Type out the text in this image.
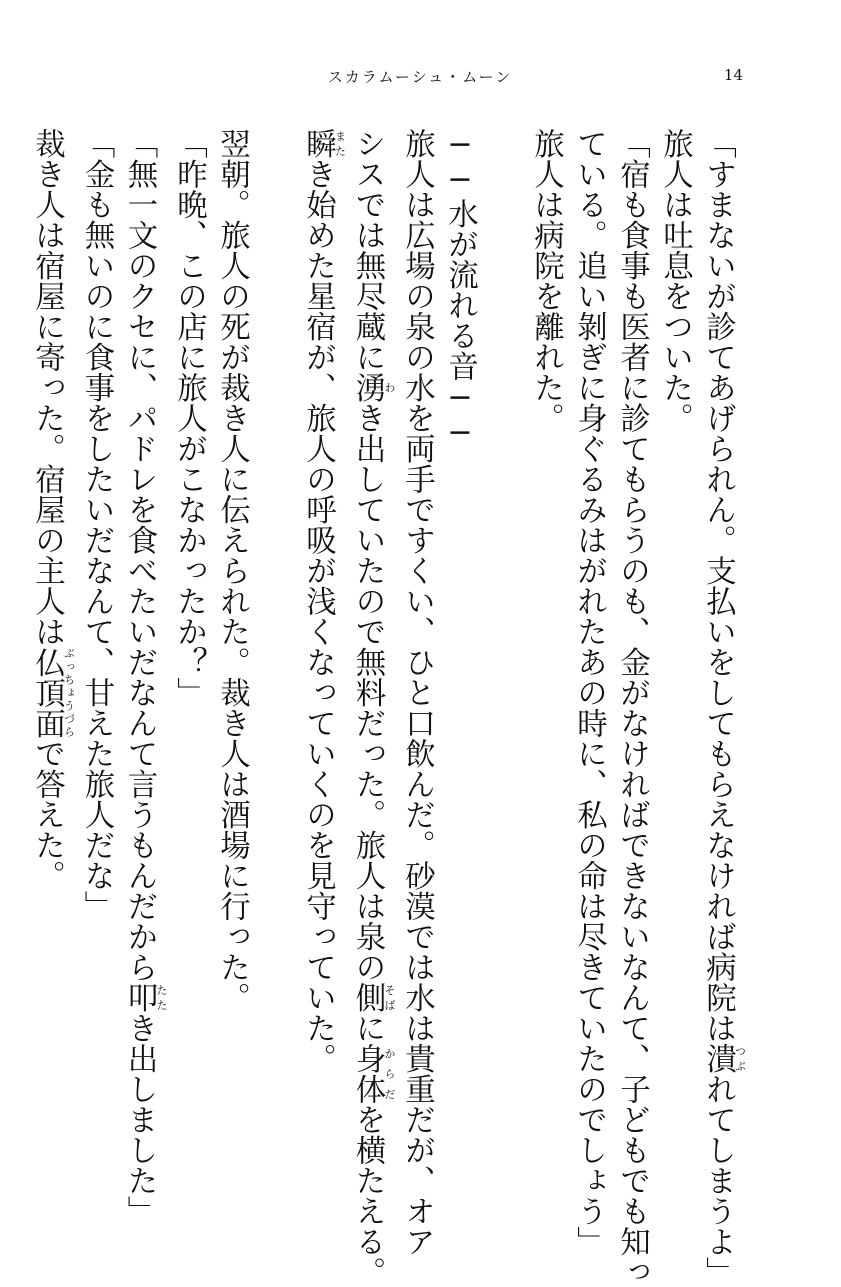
スカラムーシュ・ムーン	14

「すまないが診てあげられん。支払いをしてもらえなければ病院は潰つぶれてしまうよ」

旅人は吐息をついた。

「宿も食事も医者に診てもらうのも、金がなければできないなんて、子どもでも知っ

ている。追い剝ぎに身ぐるみはがれたあの時に、私の命は尽きていたのでしょう」

旅人は病院を離れた。

──水が流れる音──

旅人は広場の泉の水を両手ですくい、ひと口飲んだ。砂漠では水は貴重だが、オア

シスでは無尽蔵に湧わき出していたので無料だった。旅人は泉の側そばに身体からだを横たえる。

瞬またき始めた星宿が、旅人の呼吸が浅くなっていくのを見守っていた。

翌朝。旅人の死が裁き人に伝えられた。裁き人は酒場に行った。

「昨晩、この店に旅人がこなかったか？」

「無一文のクセに、パドレを食べたいだなんて言うもんだから叩たたき出しました」

「金も無いのに食事をしたいだなんて、甘えた旅人だな」

裁き人は宿屋に寄った。宿屋の主人は仏頂面ぶっちょうづらで答えた。
